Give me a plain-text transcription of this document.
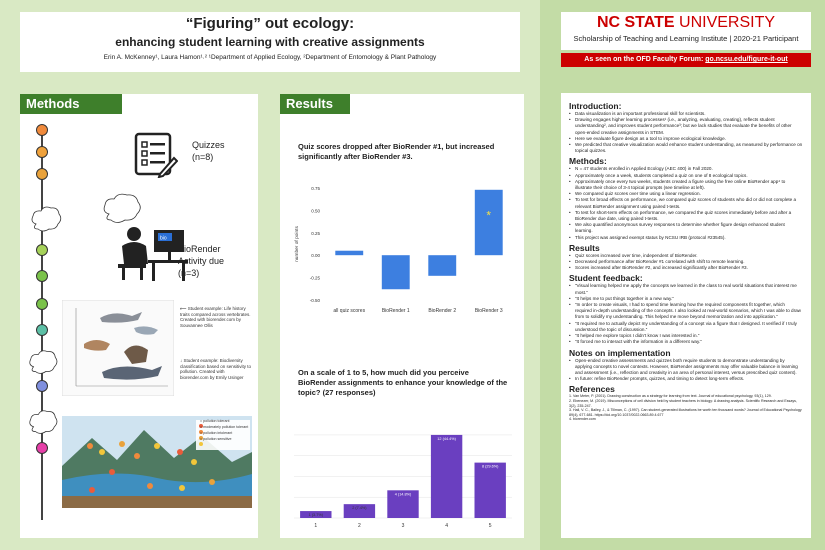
“Figuring” out ecology:
enhancing student learning with creative assignments
Erin A. McKenney¹, Laura Hamon¹˒² ¹Department of Applied Ecology, ²Department of Entomology & Plant Pathology
Methods
Quizzes
(n=8)
bio
BioRender
Activity due
(n=3)
⟵ Student example: Life history traits compared across vertebrates. Created with biorender.com by Souvannee Ollis
↓ Student example: Biodiversity classification based on sensitivity to pollution. Created with biorender.com by Emily Usinger
= pollution tolerant
= moderately pollution tolerant
= pollution intolerant
= pollution sensitive
Results
Quiz scores dropped after BioRender #1, but increased significantly after BioRender #3.
0.75
0.50
0.25
0.00
-0.25
-0.50
number of points
all quiz scores	BioRender 1	BioRender 2	BioRender 3
*
On a scale of 1 to 5, how much did you perceive BioRender assignments to enhance your knowledge of the topic? (27 responses)
1 (3.7%)
1
2 (7.4%)
2
4 (14.8%)
3
12 (44.4%)
4
8 (29.6%)
5
NC STATE UNIVERSITY
Scholarship of Teaching and Learning Institute | 2020-21 Participant
As seen on the OFD Faculty Forum: go.ncsu.edu/figure-it-out
Introduction:
• Data visualization is an important professional skill for scientists.
• Drawing engages higher learning processes¹ (i.e., analyzing, evaluating, creating), reflects student understanding², and improves student performance³; but we lack studies that evaluate the benefits of other open-ended creative assignments in STEM.
• Here we evaluate figure design as a tool to improve ecological knowledge.
• We predicted that creative visualization would enhance student understanding, as measured by performance on topical quizzes.
Methods:
• N = 47 students enrolled in Applied Ecology (AEC 400) in Fall 2020.
• Approximately once a week, students completed a quiz on one of 8 ecological topics.
• Approximately once every two weeks, students created a figure using the free online BioRender app⁴ to illustrate their choice of 3-4 topical prompts (see timeline at left).
• We compared quiz scores over time using a linear regression.
• To test for broad effects on performance, we compared quiz scores of students who did or did not complete a relevant BioRender assignment using paired t-tests.
• To test for short-term effects on performance, we compared the quiz scores immediately before and after a BioRender due date, using paired t-tests.
• We also quantified anonymous survey responses to determine whether figure design enhanced student learning.
• This project was assigned exempt status by NCSU IRB (protocol #23545).
Results
• Quiz scores increased over time, independent of BioRender.
• Decreased performance after BioRender #1 correlated with shift to remote learning.
• Scores increased after BioRender #2, and increased significantly after BioRender #3.
Student feedback:
• “Visual learning helped me apply the concepts we learned in the class to real world situations that interest me most.”
• “It helps me to put things together in a new way.”
• “In order to create visuals, I had to spend time learning how the required components fit together, which required in-depth understanding of the concepts. I also looked at real-world scenarios, which I was able to draw from to solidify my understanding. This helped me move beyond memorization and into application.”
• “It required me to actually depict my understanding of a concept via a figure that I designed. It verified if I truly understood the topic of discussion.”
• “It helped me explore topics I didn’t know I was interested in.”
• “It forced me to interact with the information in a different way.”
Notes on implementation
• Open-ended creative assessments and quizzes both require students to demonstrate understanding by applying concepts to novel contexts. However, BioRender assignments may offer valuable balance in learning and assessment (i.e., reflection and creativity in an area of personal interest, versus prescribed quiz content).
• In future: refine BioRender prompts, quizzes, and timing to detect long-term effects.
References
1. Van Meter, P. (2001). Drawing construction as a strategy for learning from text. Journal of educational psychology, 93(1), 129.
2. Ebenezer, M. (2019). Misconceptions of cell division held by student teachers in biology: A drawing analysis. Scientific Research and Essays, 3(2), 235-247.
3. Hall, V. C., Bailey, J., & Tillman, C. (1997). Can student-generated illustrations be worth ten thousand words? Journal of Educational Psychology 89(4), 677-681. https://doi.org/10.1037/0022-0663.89.4.677
4. biorender.com
